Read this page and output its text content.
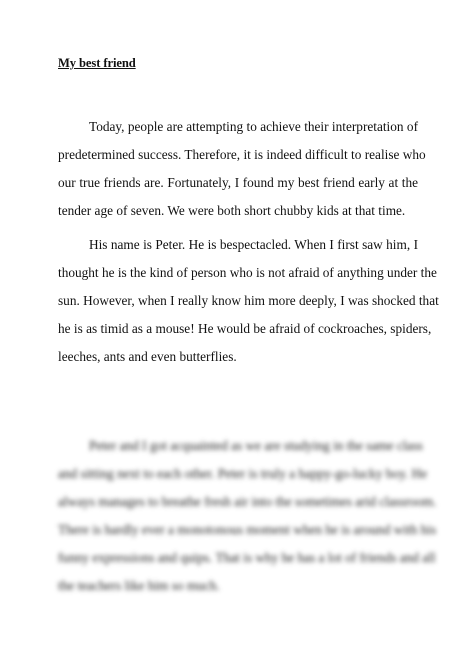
My best friend

Today, people are attempting to achieve their interpretation of
predetermined success. Therefore, it is indeed difficult to realise who
our true friends are. Fortunately, I found my best friend early at the
tender age of seven. We were both short chubby kids at that time.

His name is Peter. He is bespectacled. When I first saw him, I
thought he is the kind of person who is not afraid of anything under the
sun. However, when I really know him more deeply, I was shocked that
he is as timid as a mouse! He would be afraid of cockroaches, spiders,
leeches, ants and even butterflies.

Peter and I got acquainted as we are studying in the same class
and sitting next to each other. Peter is truly a happy-go-lucky boy. He
always manages to breathe fresh air into the sometimes arid classroom.
There is hardly ever a monotonous moment when he is around with his
funny expressions and quips. That is why he has a lot of friends and all
the teachers like him so much.
